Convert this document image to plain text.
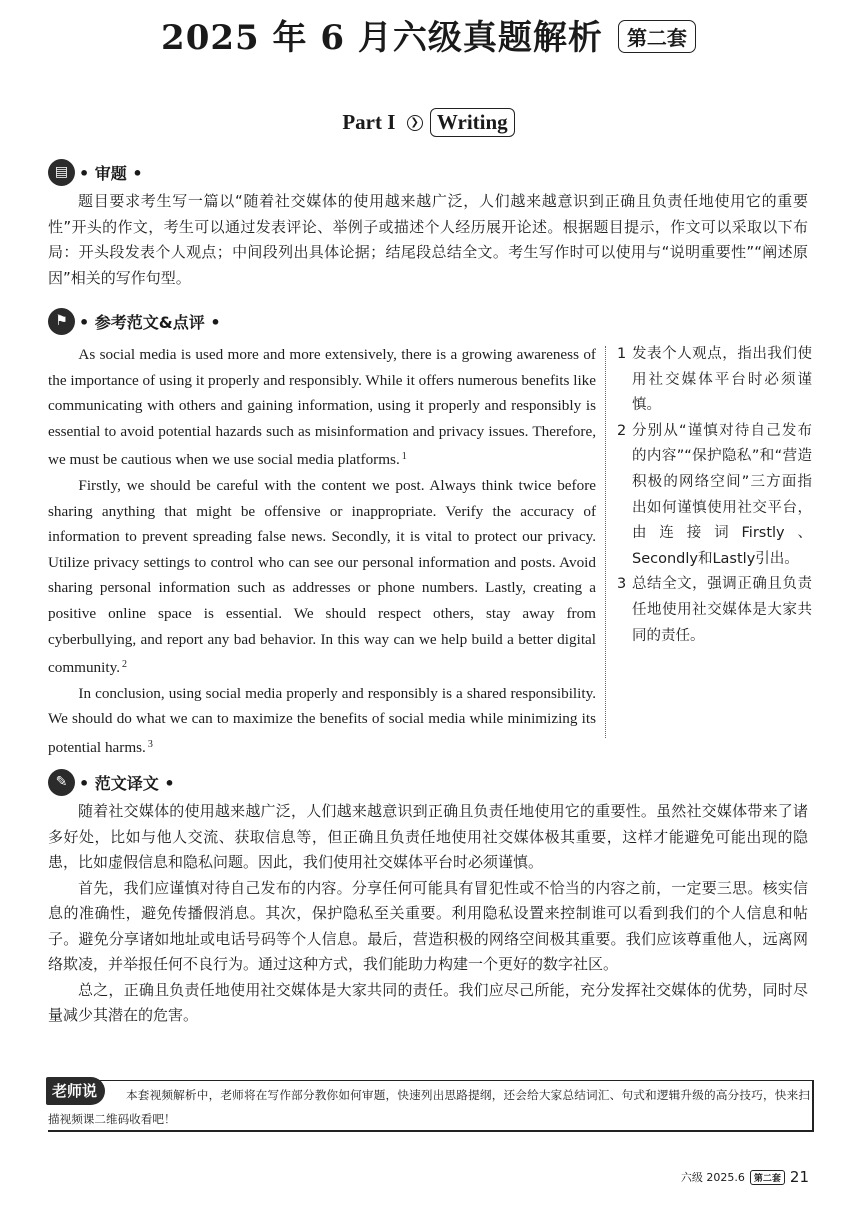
2025 年 6 月六级真题解析 第二套
Part I ❯ Writing
▤ • 审题 •

题目要求考生写一篇以“随着社交媒体的使用越来越广泛，人们越来越意识到正确且负责任地使用它的重要性”开头的作文，考生可以通过发表评论、举例子或描述个人经历展开论述。根据题目提示，作文可以采取以下布局：开头段发表个人观点；中间段列出具体论据；结尾段总结全文。考生写作时可以使用与“说明重要性”“阐述原因”相关的写作句型。

⚑ • 参考范文&点评 •

As social media is used more and more extensively, there is a growing awareness of the importance of using it properly and responsibly. While it offers numerous benefits like communicating with others and gaining information, using it properly and responsibly is essential to avoid potential hazards such as misinformation and privacy issues. Therefore, we must be cautious when we use social media platforms. $^1$

Firstly, we should be careful with the content we post. Always think twice before sharing anything that might be offensive or inappropriate. Verify the accuracy of information to prevent spreading false news. Secondly, it is vital to protect our privacy. Utilize privacy settings to control who can see our personal information and posts. Avoid sharing personal information such as addresses or phone numbers. Lastly, creating a positive online space is essential. We should respect others, stay away from cyberbullying, and report any bad behavior. In this way can we help build a better digital community. $^2$

In conclusion, using social media properly and responsibly is a shared responsibility. We should do what we can to maximize the benefits of social media while minimizing its potential harms. $^3$

1 发表个人观点，指出我们使用社交媒体平台时必须谨慎。
2 分别从“谨慎对待自己发布的内容”“保护隐私”和“营造积极的网络空间”三方面指出如何谨慎使用社交平台，由连接词Firstly、Secondly和Lastly引出。
3 总结全文，强调正确且负责任地使用社交媒体是大家共同的责任。
✎ • 范文译文 •

随着社交媒体的使用越来越广泛，人们越来越意识到正确且负责任地使用它的重要性。虽然社交媒体带来了诸多好处，比如与他人交流、获取信息等，但正确且负责任地使用社交媒体极其重要，这样才能避免可能出现的隐患，比如虚假信息和隐私问题。因此，我们使用社交媒体平台时必须谨慎。

首先，我们应谨慎对待自己发布的内容。分享任何可能具有冒犯性或不恰当的内容之前，一定要三思。核实信息的准确性，避免传播假消息。其次，保护隐私至关重要。利用隐私设置来控制谁可以看到我们的个人信息和帖子。避免分享诸如地址或电话号码等个人信息。最后，营造积极的网络空间极其重要。我们应该尊重他人，远离网络欺凌，并举报任何不良行为。通过这种方式，我们能助力构建一个更好的数字社区。

总之，正确且负责任地使用社交媒体是大家共同的责任。我们应尽己所能，充分发挥社交媒体的优势，同时尽量减少其潜在的危害。

本套视频解析中，老师将在写作部分教你如何审题，快速列出思路提纲，还会给大家总结词汇、句式和逻辑升级的高分技巧，快来扫描视频课二维码收看吧！
老师说
六级 2025.6	第二套 21
